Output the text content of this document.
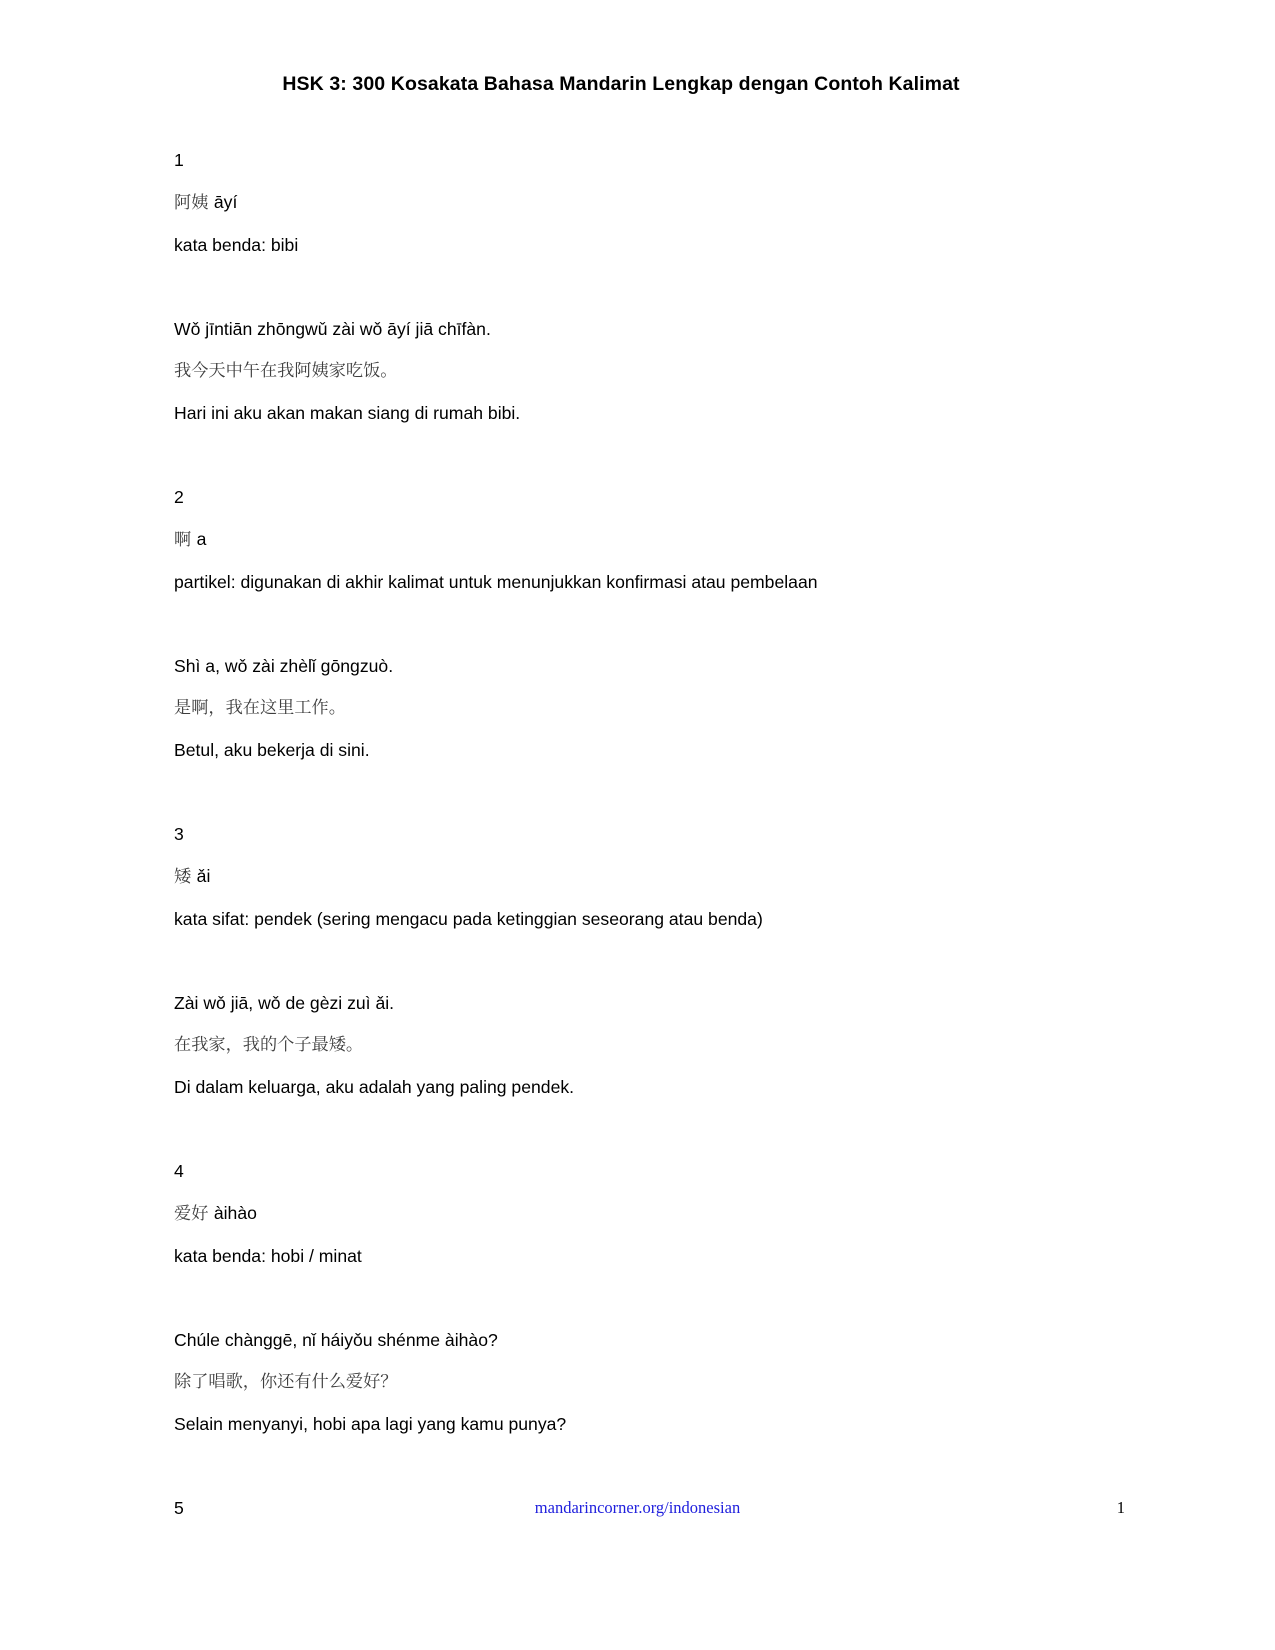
HSK 3: 300 Kosakata Bahasa Mandarin Lengkap dengan Contoh Kalimat
1
阿姨 āyí
kata benda: bibi
Wǒ jīntiān zhōngwǔ zài wǒ āyí jiā chīfàn.
我今天中午在我阿姨家吃饭。
Hari ini aku akan makan siang di rumah bibi.
2
啊 a
partikel: digunakan di akhir kalimat untuk menunjukkan konfirmasi atau pembelaan
Shì a, wǒ zài zhèlǐ gōngzuò.
是啊，我在这里工作。
Betul, aku bekerja di sini.
3
矮 ǎi
kata sifat: pendek (sering mengacu pada ketinggian seseorang atau benda)
Zài wǒ jiā, wǒ de gèzi zuì ǎi.
在我家，我的个子最矮。
Di dalam keluarga, aku adalah yang paling pendek.
4
爱好 àihào
kata benda: hobi / minat
Chúle chànggē, nǐ háiyǒu shénme àihào?
除了唱歌，你还有什么爱好？
Selain menyanyi, hobi apa lagi yang kamu punya?
5	mandarincorner.org/indonesian	1
